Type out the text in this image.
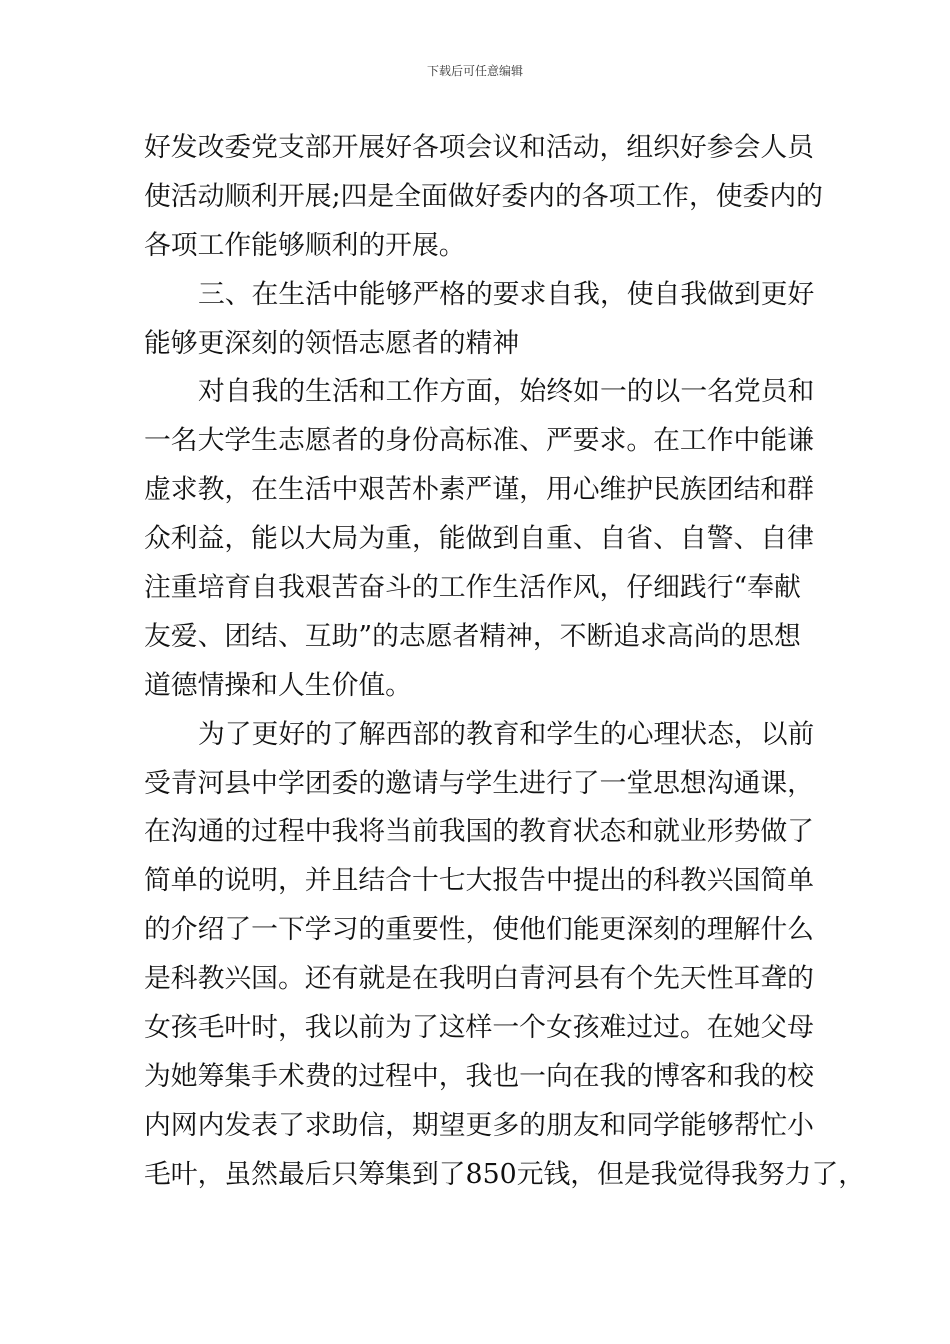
下载后可任意编辑
好发改委党支部开展好各项会议和活动，组织好参会人员
使活动顺利开展;四是全面做好委内的各项工作，使委内的
各项工作能够顺利的开展。
三、在生活中能够严格的要求自我，使自我做到更好
能够更深刻的领悟志愿者的精神
对自我的生活和工作方面，始终如一的以一名党员和
一名大学生志愿者的身份高标准、严要求。在工作中能谦
虚求教，在生活中艰苦朴素严谨，用心维护民族团结和群
众利益，能以大局为重，能做到自重、自省、自警、自律
注重培育自我艰苦奋斗的工作生活作风，仔细践行“奉献
友爱、团结、互助”的志愿者精神，不断追求高尚的思想
道德情操和人生价值。
为了更好的了解西部的教育和学生的心理状态，以前
受青河县中学团委的邀请与学生进行了一堂思想沟通课，
在沟通的过程中我将当前我国的教育状态和就业形势做了
简单的说明，并且结合十七大报告中提出的科教兴国简单
的介绍了一下学习的重要性，使他们能更深刻的理解什么
是科教兴国。还有就是在我明白青河县有个先天性耳聋的
女孩毛叶时，我以前为了这样一个女孩难过过。在她父母
为她筹集手术费的过程中，我也一向在我的博客和我的校
内网内发表了求助信，期望更多的朋友和同学能够帮忙小
毛叶，虽然最后只筹集到了850元钱，但是我觉得我努力了，
